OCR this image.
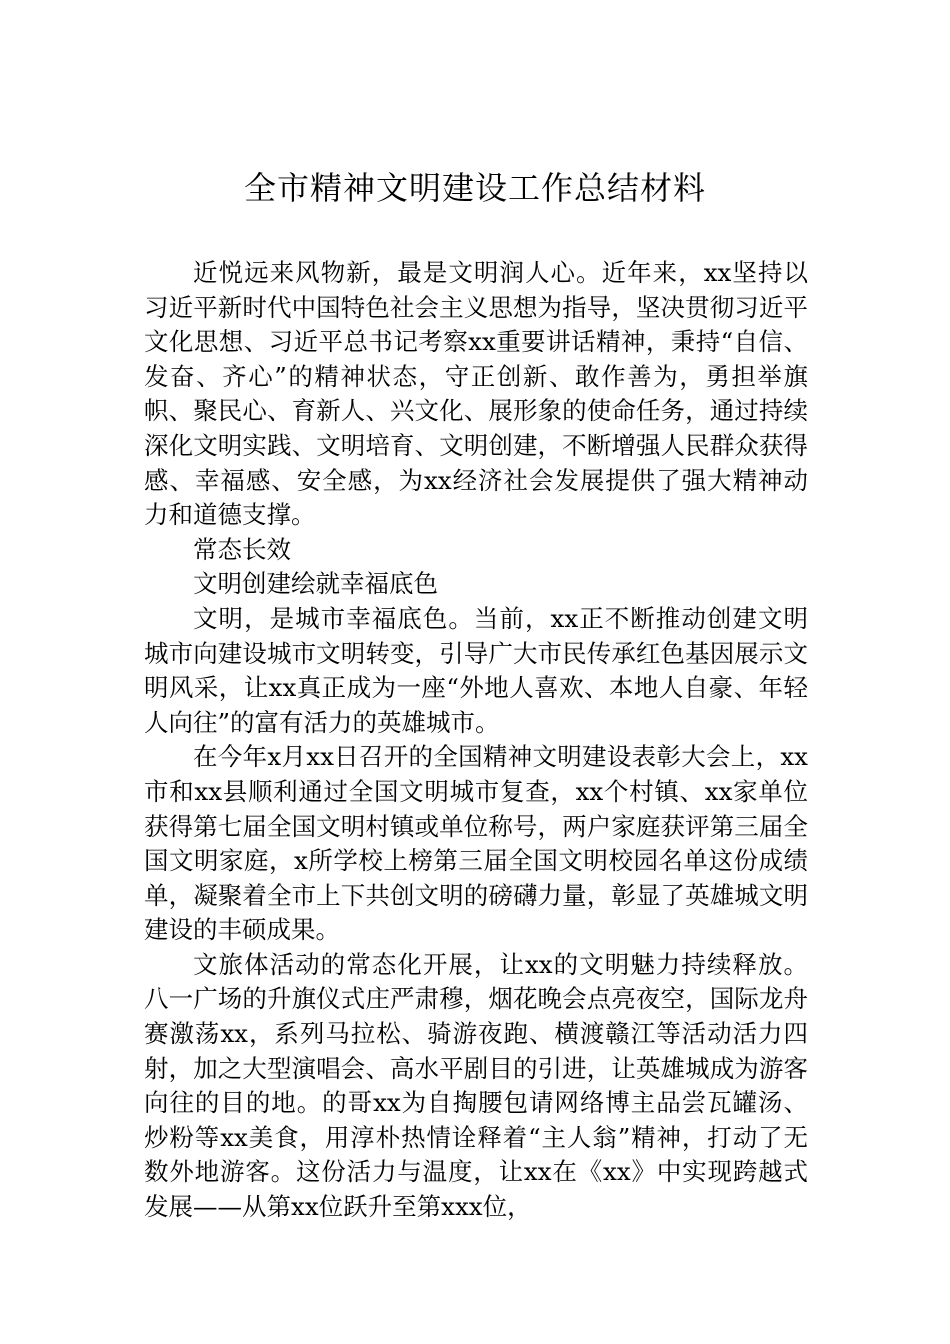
全市精神文明建设工作总结材料

近悦远来风物新，最是文明润人心。近年来，xx坚持以习近平新时代中国特色社会主义思想为指导，坚决贯彻习近平文化思想、习近平总书记考察xx重要讲话精神，秉持“自信、发奋、齐心”的精神状态，守正创新、敢作善为，勇担举旗帜、聚民心、育新人、兴文化、展形象的使命任务，通过持续深化文明实践、文明培育、文明创建，不断增强人民群众获得感、幸福感、安全感，为xx经济社会发展提供了强大精神动力和道德支撑。

常态长效

文明创建绘就幸福底色

文明，是城市幸福底色。当前，xx正不断推动创建文明城市向建设城市文明转变，引导广大市民传承红色基因展示文明风采，让xx真正成为一座“外地人喜欢、本地人自豪、年轻人向往”的富有活力的英雄城市。

在今年x月xx日召开的全国精神文明建设表彰大会上，xx市和xx县顺利通过全国文明城市复查，xx个村镇、xx家单位获得第七届全国文明村镇或单位称号，两户家庭获评第三届全国文明家庭，x所学校上榜第三届全国文明校园名单这份成绩单，凝聚着全市上下共创文明的磅礴力量，彰显了英雄城文明建设的丰硕成果。

文旅体活动的常态化开展，让xx的文明魅力持续释放。八一广场的升旗仪式庄严肃穆，烟花晚会点亮夜空，国际龙舟赛激荡xx，系列马拉松、骑游夜跑、横渡赣江等活动活力四射，加之大型演唱会、高水平剧目的引进，让英雄城成为游客向往的目的地。的哥xx为自掏腰包请网络博主品尝瓦罐汤、炒粉等xx美食，用淳朴热情诠释着“主人翁”精神，打动了无数外地游客。这份活力与温度，让xx在《xx》中实现跨越式发展——从第xx位跃升至第xxx位，
